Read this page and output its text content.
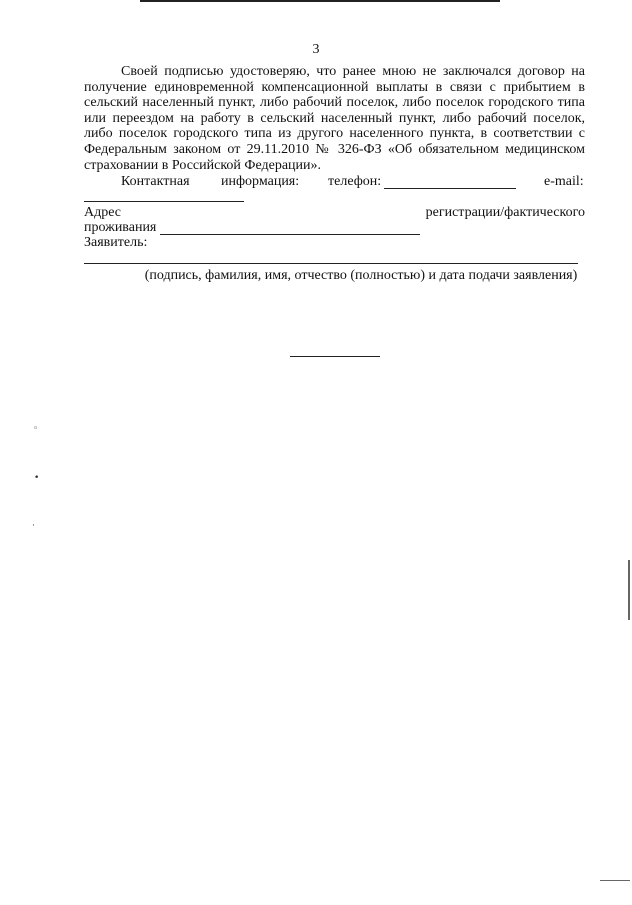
3

Своей подписью удостоверяю, что ранее мною не заключался договор на получение единовременной компенсационной выплаты в связи с прибытием в сельский населенный пункт, либо рабочий поселок, либо поселок городского типа или переездом на работу в сельский населенный пункт, либо рабочий поселок, либо поселок городского типа из другого населенного пункта, в соответствии с Федеральным законом от 29.11.2010 № 326-ФЗ «Об обязательном медицинском страховании в Российской Федерации».

Контактная информация: телефон:	e-mail:
Адрес	регистрации/фактического
проживания
Заявитель:
(подпись, фамилия, имя, отчество (полностью) и дата подачи заявления)
◦
•
·
